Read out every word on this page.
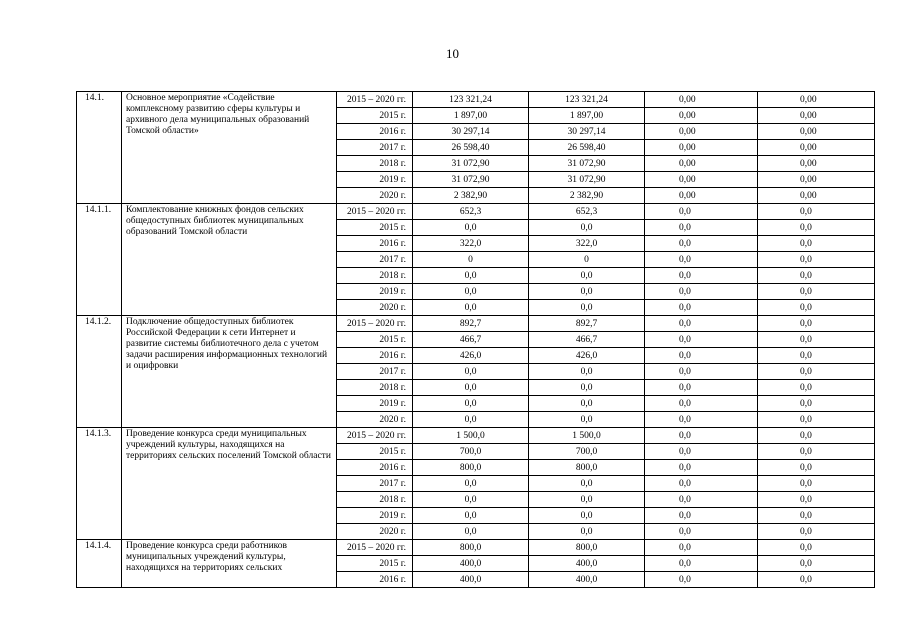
10
14.1.	Основное мероприятие «Содействие комплексному развитию сферы культуры и архивного дела муниципальных образований Томской области»	2015 – 2020 гг.	123 321,24	123 321,24	0,00	0,00
		2015 г.	1 897,00	1 897,00	0,00	0,00
		2016 г.	30 297,14	30 297,14	0,00	0,00
		2017 г.	26 598,40	26 598,40	0,00	0,00
		2018 г.	31 072,90	31 072,90	0,00	0,00
		2019 г.	31 072,90	31 072,90	0,00	0,00
		2020 г.	2 382,90	2 382,90	0,00	0,00
14.1.1.	Комплектование книжных фондов сельских общедоступных библиотек муниципальных образований Томской области	2015 – 2020 гг.	652,3	652,3	0,0	0,0
		2015 г.	0,0	0,0	0,0	0,0
		2016 г.	322,0	322,0	0,0	0,0
		2017 г.	0	0	0,0	0,0
		2018 г.	0,0	0,0	0,0	0,0
		2019 г.	0,0	0,0	0,0	0,0
		2020 г.	0,0	0,0	0,0	0,0
14.1.2.	Подключение общедоступных библиотек Российской Федерации к сети Интернет и развитие системы библиотечного дела с учетом задачи расширения информационных технологий и оцифровки	2015 – 2020 гг.	892,7	892,7	0,0	0,0
		2015 г.	466,7	466,7	0,0	0,0
		2016 г.	426,0	426,0	0,0	0,0
		2017 г.	0,0	0,0	0,0	0,0
		2018 г.	0,0	0,0	0,0	0,0
		2019 г.	0,0	0,0	0,0	0,0
		2020 г.	0,0	0,0	0,0	0,0
14.1.3.	Проведение конкурса среди муниципальных учреждений культуры, находящихся на территориях сельских поселений Томской области	2015 – 2020 гг.	1 500,0	1 500,0	0,0	0,0
		2015 г.	700,0	700,0	0,0	0,0
		2016 г.	800,0	800,0	0,0	0,0
		2017 г.	0,0	0,0	0,0	0,0
		2018 г.	0,0	0,0	0,0	0,0
		2019 г.	0,0	0,0	0,0	0,0
		2020 г.	0,0	0,0	0,0	0,0
14.1.4.	Проведение конкурса среди работников муниципальных учреждений культуры, находящихся на территориях сельских	2015 – 2020 гг.	800,0	800,0	0,0	0,0
		2015 г.	400,0	400,0	0,0	0,0
		2016 г.	400,0	400,0	0,0	0,0
